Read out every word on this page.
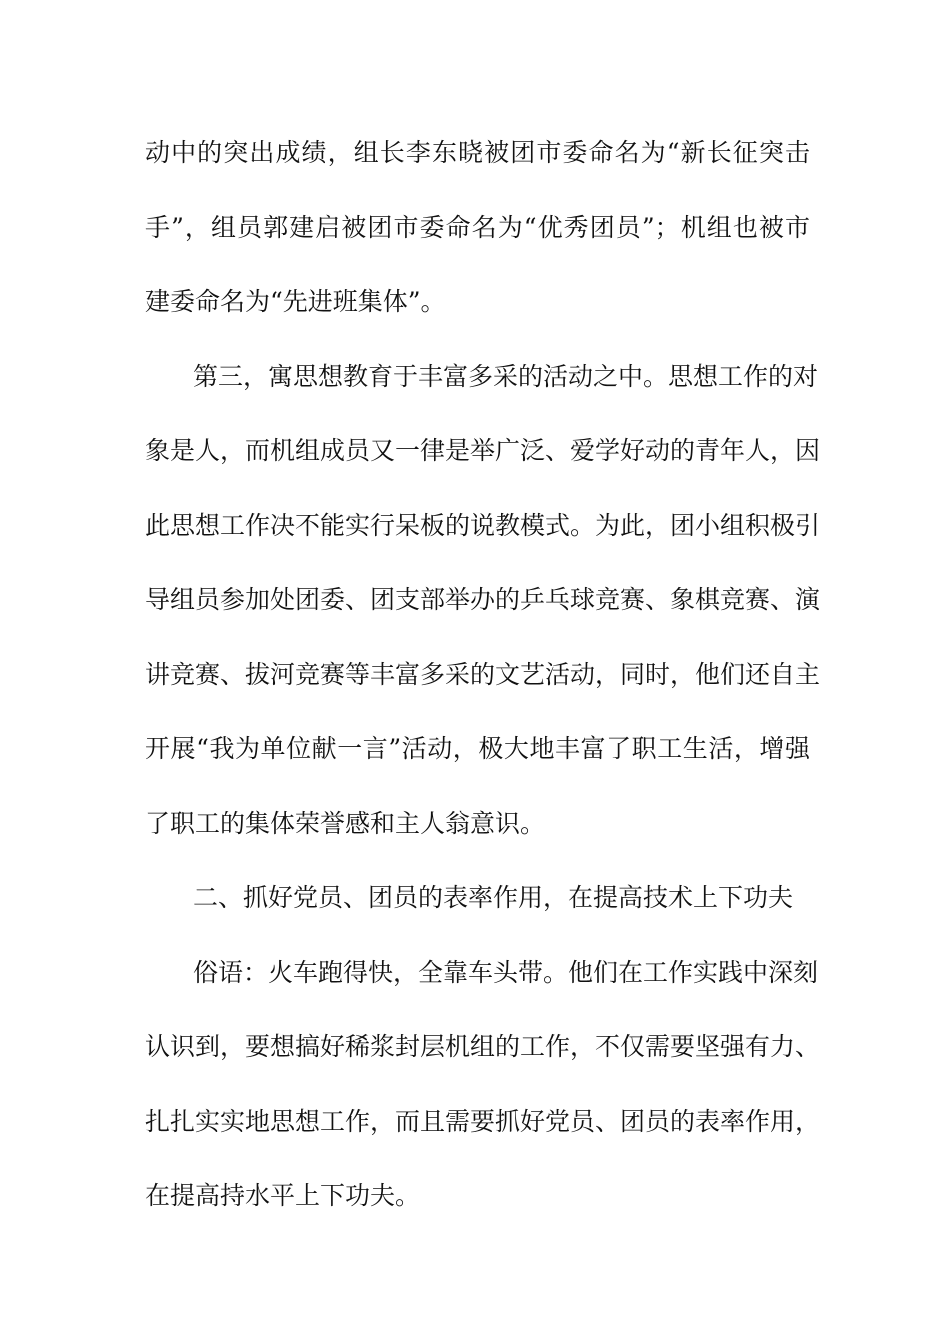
动中的突出成绩，组长李东晓被团市委命名为“新长征突击
手”，组员郭建启被团市委命名为“优秀团员”；机组也被市
建委命名为“先进班集体”。
第三，寓思想教育于丰富多采的活动之中。思想工作的对
象是人，而机组成员又一律是举广泛、爱学好动的青年人，因
此思想工作决不能实行呆板的说教模式。为此，团小组积极引
导组员参加处团委、团支部举办的乒乓球竞赛、象棋竞赛、演
讲竞赛、拔河竞赛等丰富多采的文艺活动，同时，他们还自主
开展“我为单位献一言”活动，极大地丰富了职工生活，增强
了职工的集体荣誉感和主人翁意识。
二、抓好党员、团员的表率作用，在提高技术上下功夫
俗语：火车跑得快，全靠车头带。他们在工作实践中深刻
认识到，要想搞好稀浆封层机组的工作，不仅需要坚强有力、
扎扎实实地思想工作，而且需要抓好党员、团员的表率作用，
在提高持水平上下功夫。
